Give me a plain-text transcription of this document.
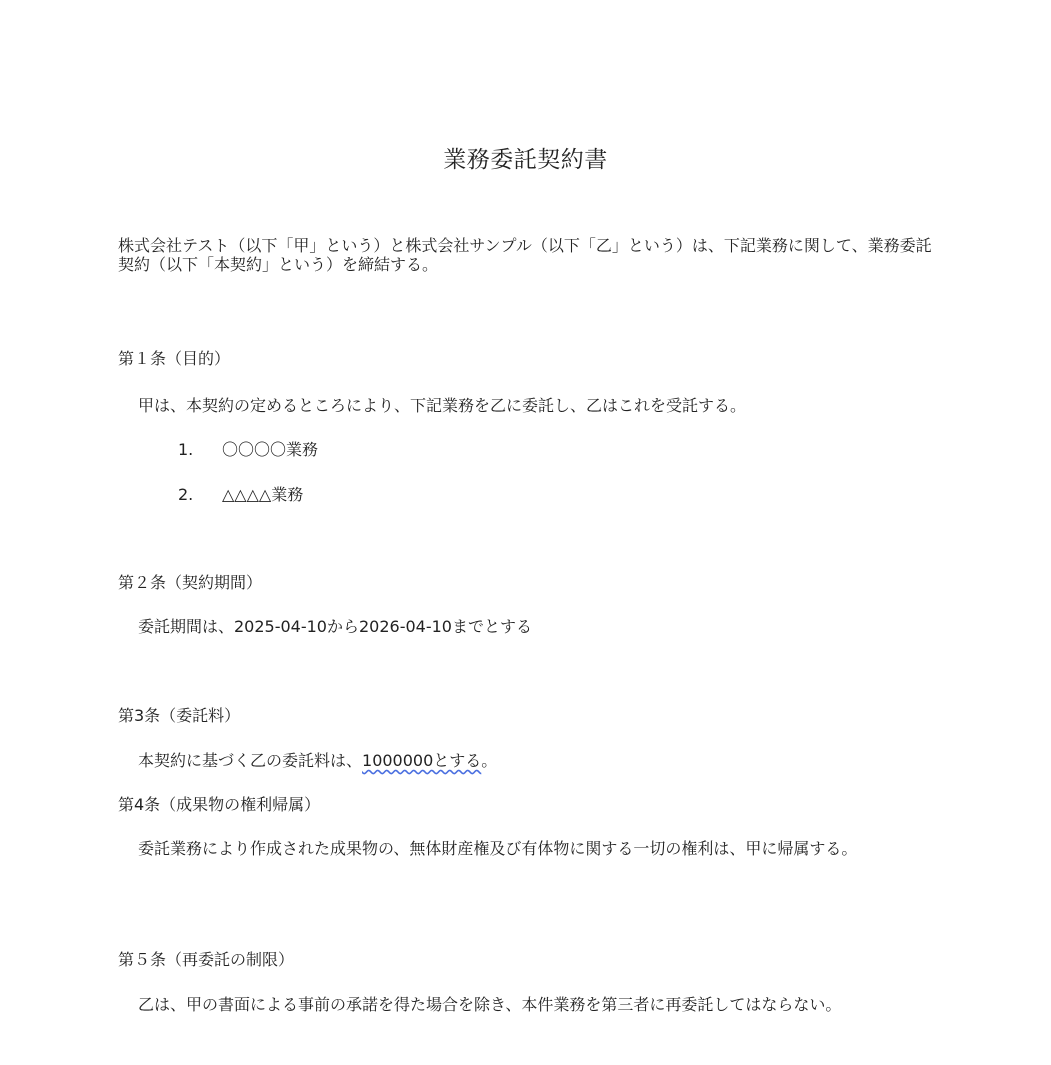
業務委託契約書
株式会社テスト（以下「甲」という）と株式会社サンプル（以下「乙」という）は、下記業務に関して、業務委託契約（以下「本契約」という）を締結する。
第１条（目的）
甲は、本契約の定めるところにより、下記業務を乙に委託し、乙はこれを受託する。
1. 〇〇〇〇業務
2. △△△△業務
第２条（契約期間）
委託期間は、2025-04-10から2026-04-10までとする
第3条（委託料）
本契約に基づく乙の委託料は、1000000とする。
第4条（成果物の権利帰属）
委託業務により作成された成果物の、無体財産権及び有体物に関する一切の権利は、甲に帰属する。
第５条（再委託の制限）
乙は、甲の書面による事前の承諾を得た場合を除き、本件業務を第三者に再委託してはならない。
